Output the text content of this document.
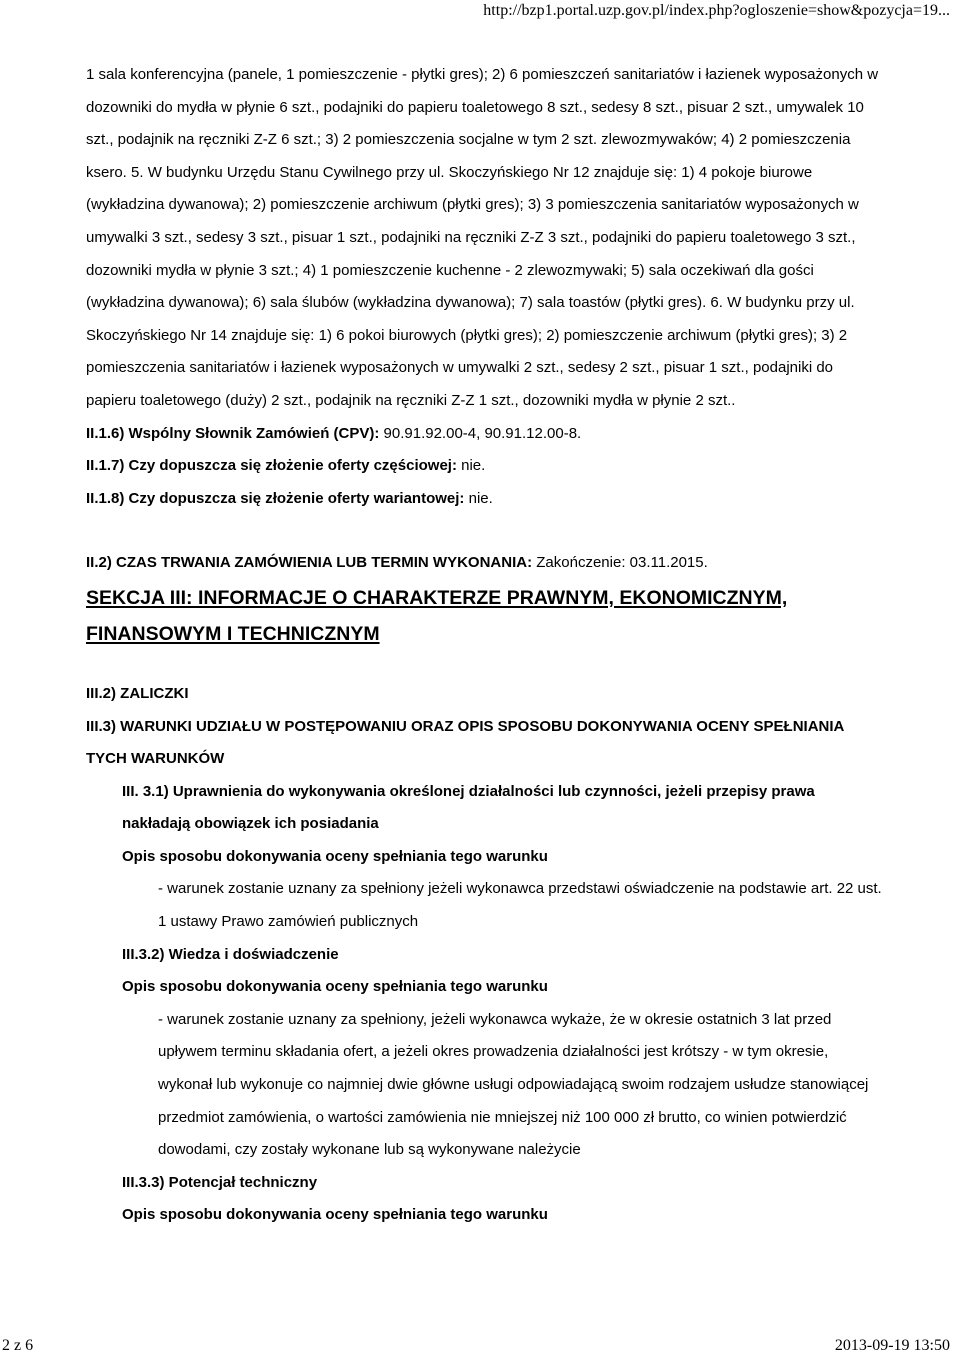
http://bzp1.portal.uzp.gov.pl/index.php?ogloszenie=show&pozycja=19...

1 sala konferencyjna (panele, 1 pomieszczenie - płytki gres); 2) 6 pomieszczeń sanitariatów i łazienek wyposażonych w dozowniki do mydła w płynie 6 szt., podajniki do papieru toaletowego 8 szt., sedesy 8 szt., pisuar 2 szt., umywalek 10 szt., podajnik na ręczniki Z-Z 6 szt.; 3) 2 pomieszczenia socjalne w tym 2 szt. zlewozmywaków; 4) 2 pomieszczenia ksero. 5. W budynku Urzędu Stanu Cywilnego przy ul. Skoczyńskiego Nr 12 znajduje się: 1) 4 pokoje biurowe (wykładzina dywanowa); 2) pomieszczenie archiwum (płytki gres); 3) 3 pomieszczenia sanitariatów wyposażonych w umywalki 3 szt., sedesy 3 szt., pisuar 1 szt., podajniki na ręczniki Z-Z 3 szt., podajniki do papieru toaletowego 3 szt., dozowniki mydła w płynie 3 szt.; 4) 1 pomieszczenie kuchenne - 2 zlewozmywaki; 5) sala oczekiwań dla gości (wykładzina dywanowa); 6) sala ślubów (wykładzina dywanowa); 7) sala toastów (płytki gres). 6. W budynku przy ul. Skoczyńskiego Nr 14 znajduje się: 1) 6 pokoi biurowych (płytki gres); 2) pomieszczenie archiwum (płytki gres); 3) 2 pomieszczenia sanitariatów i łazienek wyposażonych w umywalki 2 szt., sedesy 2 szt., pisuar 1 szt., podajniki do papieru toaletowego (duży) 2 szt., podajnik na ręczniki Z-Z 1 szt., dozowniki mydła w płynie 2 szt..

II.1.6) Wspólny Słownik Zamówień (CPV): 90.91.92.00-4, 90.91.12.00-8.

II.1.7) Czy dopuszcza się złożenie oferty częściowej: nie.

II.1.8) Czy dopuszcza się złożenie oferty wariantowej: nie.

II.2) CZAS TRWANIA ZAMÓWIENIA LUB TERMIN WYKONANIA: Zakończenie: 03.11.2015.

SEKCJA III: INFORMACJE O CHARAKTERZE PRAWNYM, EKONOMICZNYM, FINANSOWYM I TECHNICZNYM

III.2) ZALICZKI

III.3) WARUNKI UDZIAŁU W POSTĘPOWANIU ORAZ OPIS SPOSOBU DOKONYWANIA OCENY SPEŁNIANIA TYCH WARUNKÓW

III. 3.1) Uprawnienia do wykonywania określonej działalności lub czynności, jeżeli przepisy prawa nakładają obowiązek ich posiadania

Opis sposobu dokonywania oceny spełniania tego warunku

- warunek zostanie uznany za spełniony jeżeli wykonawca przedstawi oświadczenie na podstawie art. 22 ust. 1 ustawy Prawo zamówień publicznych

III.3.2) Wiedza i doświadczenie

Opis sposobu dokonywania oceny spełniania tego warunku

- warunek zostanie uznany za spełniony, jeżeli wykonawca wykaże, że w okresie ostatnich 3 lat przed upływem terminu składania ofert, a jeżeli okres prowadzenia działalności jest krótszy - w tym okresie, wykonał lub wykonuje co najmniej dwie główne usługi odpowiadającą swoim rodzajem usłudze stanowiącej przedmiot zamówienia, o wartości zamówienia nie mniejszej niż 100 000 zł brutto, co winien potwierdzić dowodami, czy zostały wykonane lub są wykonywane należycie

III.3.3) Potencjał techniczny

Opis sposobu dokonywania oceny spełniania tego warunku

2 z 6	2013-09-19 13:50
